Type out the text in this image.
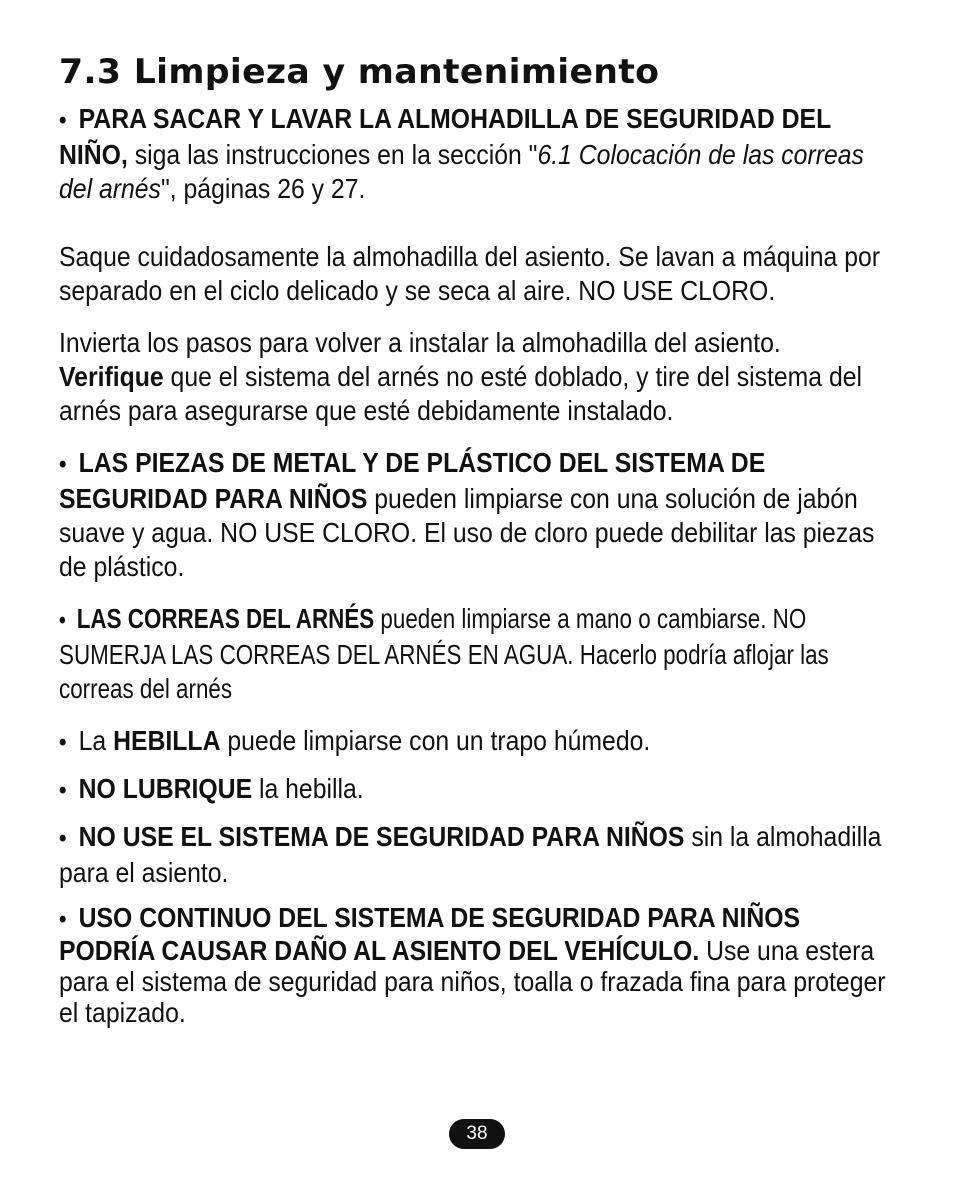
7.3 Limpieza y mantenimiento

• PARA SACAR Y LAVAR LA ALMOHADILLA DE SEGURIDAD DEL NIÑO, siga las instrucciones en la sección "6.1 Colocación de las correas del arnés", páginas 26 y 27.

Saque cuidadosamente la almohadilla del asiento. Se lavan a máquina por separado en el ciclo delicado y se seca al aire. NO USE CLORO.

Invierta los pasos para volver a instalar la almohadilla del asiento.
Verifique que el sistema del arnés no esté doblado, y tire del sistema del arnés para asegurarse que esté debidamente instalado.

• LAS PIEZAS DE METAL Y DE PLÁSTICO DEL SISTEMA DE SEGURIDAD PARA NIÑOS pueden limpiarse con una solución de jabón suave y agua. NO USE CLORO. El uso de cloro puede debilitar las piezas de plástico.

• LAS CORREAS DEL ARNÉS pueden limpiarse a mano o cambiarse. NO SUMERJA LAS CORREAS DEL ARNÉS EN AGUA. Hacerlo podría aflojar las correas del arnés

• La HEBILLA puede limpiarse con un trapo húmedo.

• NO LUBRIQUE la hebilla.

• NO USE EL SISTEMA DE SEGURIDAD PARA NIÑOS sin la almohadilla para el asiento.

• USO CONTINUO DEL SISTEMA DE SEGURIDAD PARA NIÑOS PODRÍA CAUSAR DAÑO AL ASIENTO DEL VEHÍCULO. Use una estera para el sistema de seguridad para niños, toalla o frazada fina para proteger el tapizado.

38
